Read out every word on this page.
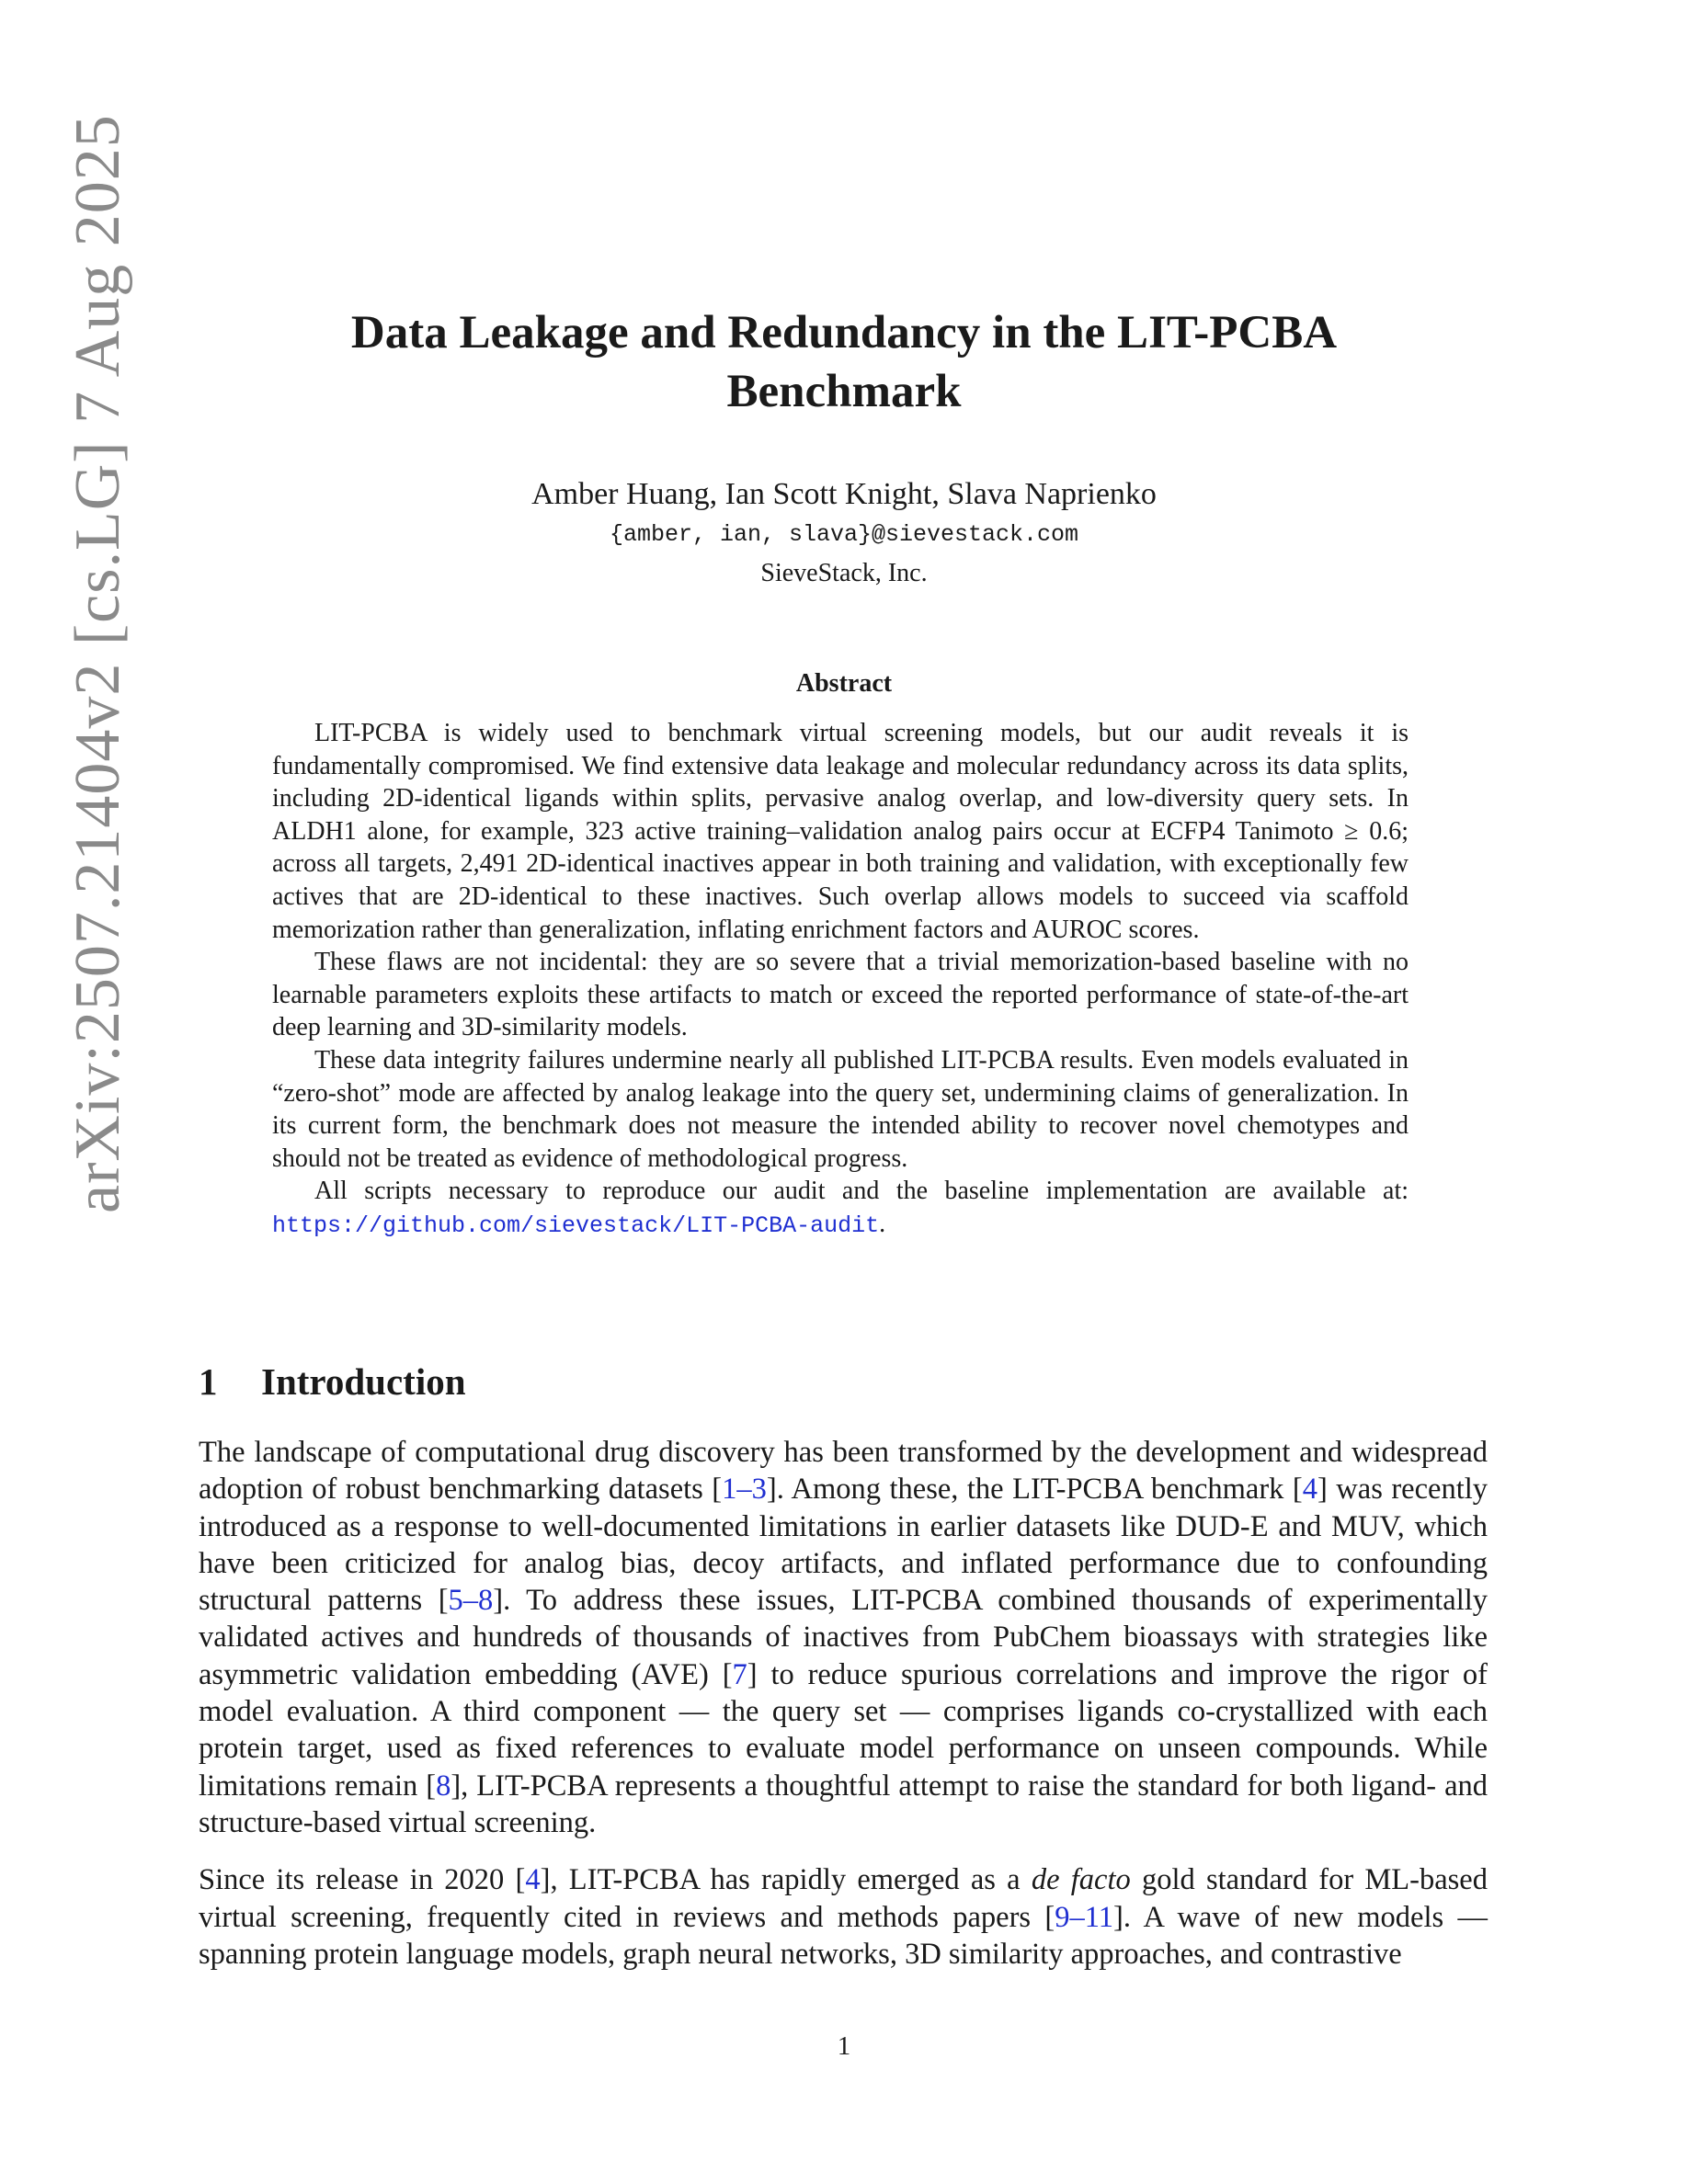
arXiv:2507.21404v2 [cs.LG] 7 Aug 2025	Data Leakage and Redundancy in the LIT-PCBA
Benchmark
Amber Huang, Ian Scott Knight, Slava Naprienko
{amber, ian, slava}@sievestack.com
SieveStack, Inc.
Abstract

LIT-PCBA is widely used to benchmark virtual screening models, but our audit reveals it is fundamentally compromised. We find extensive data leakage and molecular redundancy across its data splits, including 2D-identical ligands within splits, pervasive analog overlap, and low-diversity query sets. In ALDH1 alone, for example, 323 active training–validation analog pairs occur at ECFP4 Tanimoto ≥ 0.6; across all targets, 2,491 2D-identical inactives appear in both training and validation, with exceptionally few actives that are 2D-identical to these inactives. Such overlap allows models to succeed via scaffold memorization rather than generalization, inflating enrichment factors and AUROC scores.

These flaws are not incidental: they are so severe that a trivial memorization-based baseline with no learnable parameters exploits these artifacts to match or exceed the reported performance of state-of-the-art deep learning and 3D-similarity models.

These data integrity failures undermine nearly all published LIT-PCBA results. Even models evaluated in “zero-shot” mode are affected by analog leakage into the query set, undermining claims of generalization. In its current form, the benchmark does not measure the intended ability to recover novel chemotypes and should not be treated as evidence of methodological progress.

All scripts necessary to reproduce our audit and the baseline implementation are available at: https://github.com/sievestack/LIT-PCBA-audit.

1 Introduction

The landscape of computational drug discovery has been transformed by the development and widespread adoption of robust benchmarking datasets [1–3]. Among these, the LIT-PCBA benchmark [4] was recently introduced as a response to well-documented limitations in earlier datasets like DUD-E and MUV, which have been criticized for analog bias, decoy artifacts, and inflated performance due to confounding structural patterns [5–8]. To address these issues, LIT-PCBA combined thousands of experimentally validated actives and hundreds of thousands of inactives from PubChem bioassays with strategies like asymmetric validation embedding (AVE) [7] to reduce spurious correlations and improve the rigor of model evaluation. A third component — the query set — comprises ligands co-crystallized with each protein target, used as fixed references to evaluate model performance on unseen compounds. While limitations remain [8], LIT-PCBA represents a thoughtful attempt to raise the standard for both ligand- and structure-based virtual screening.

Since its release in 2020 [4], LIT-PCBA has rapidly emerged as a de facto gold standard for ML-based virtual screening, frequently cited in reviews and methods papers [9–11]. A wave of new models — spanning protein language models, graph neural networks, 3D similarity approaches, and contrastive

1
